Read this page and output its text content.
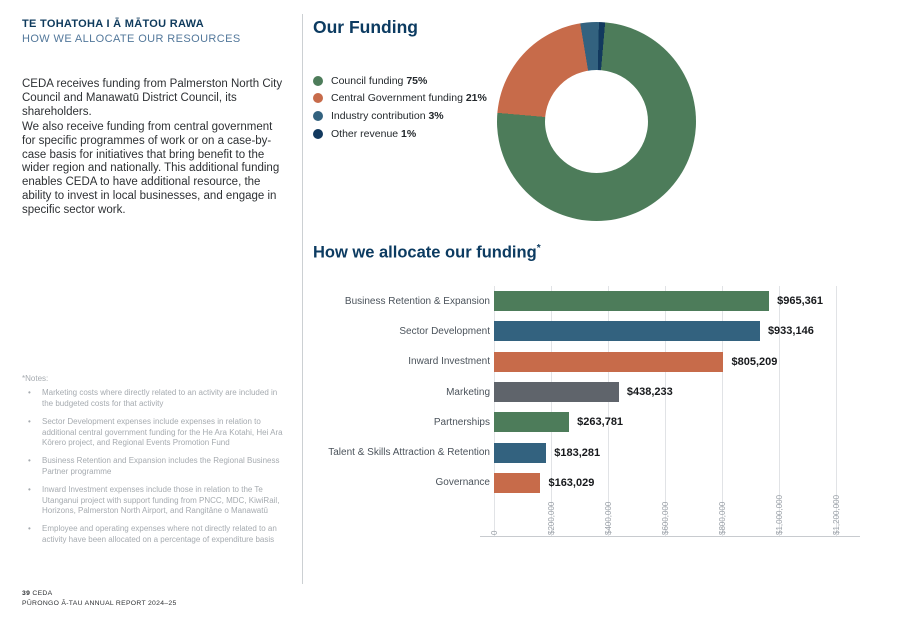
TE TOHATOHA I Ā MĀTOU RAWA
HOW WE ALLOCATE OUR RESOURCES

CEDA receives funding from Palmerston North City Council and Manawatū District Council, its shareholders.

We also receive funding from central government for specific programmes of work or on a case-by-case basis for initiatives that bring benefit to the wider region and nationally. This additional funding enables CEDA to have additional resource, the ability to invest in local businesses, and engage in specific sector work.

*Notes:
• Marketing costs where directly related to an activity are included in the budgeted costs for that activity
• Sector Development expenses include expenses in relation to additional central government funding for the He Ara Kotahi, Hei Ara Kōrero project, and Regional Events Promotion Fund
• Business Retention and Expansion includes the Regional Business Partner programme
• Inward Investment expenses include those in relation to the Te Utanganui project with support funding from PNCC, MDC, KiwiRail, Horizons, Palmerston North Airport, and Rangitāne o Manawatū
• Employee and operating expenses where not directly related to an activity have been allocated on a percentage of expenditure basis
39 CEDA
PŪRONGO Ā-TAU ANNUAL REPORT 2024–25
Our Funding
Council funding 75%
Central Government funding 21%
Industry contribution 3%
Other revenue 1%
How we allocate our funding*
0	$200,000	$400,000	$600,000	$800,000	$1,000,000	$1,200,000
Business Retention & Expansion	$965,361
Sector Development	$933,146
Inward Investment	$805,209
Marketing	$438,233
Partnerships	$263,781
Talent & Skills Attraction & Retention	$183,281
Governance	$163,029
